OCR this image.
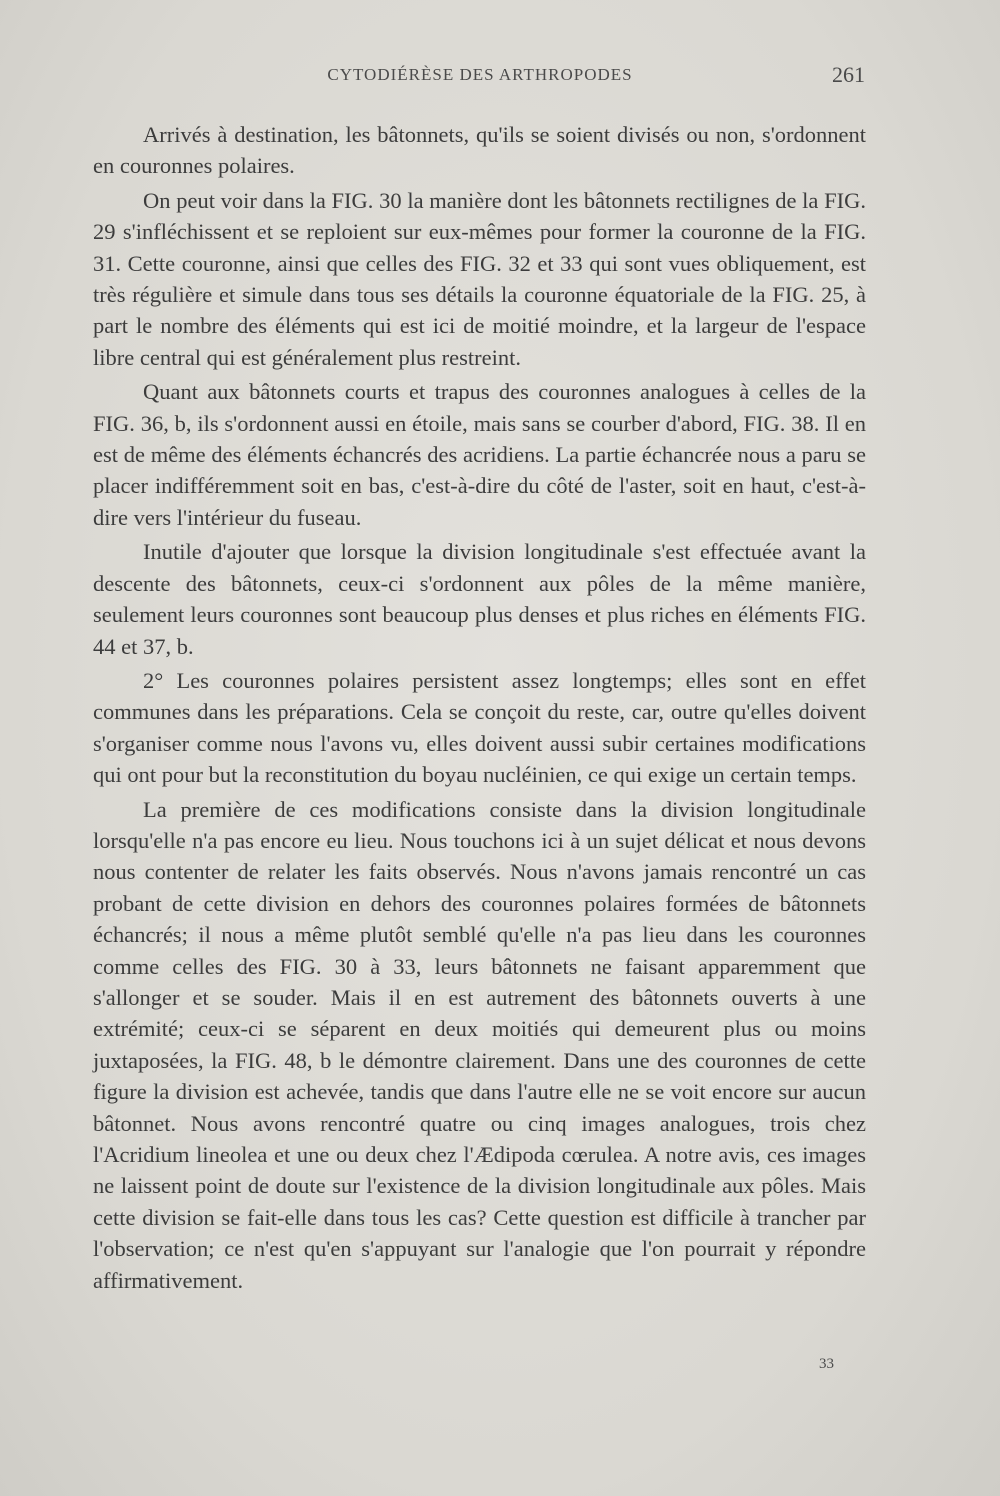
CYTODIÉRÈSE DES ARTHROPODES	261

Arrivés à destination, les bâtonnets, qu'ils se soient divisés ou non, s'ordonnent en couronnes polaires.

On peut voir dans la FIG. 30 la manière dont les bâtonnets rectilignes de la FIG. 29 s'infléchissent et se reploient sur eux-mêmes pour former la couronne de la FIG. 31. Cette couronne, ainsi que celles des FIG. 32 et 33 qui sont vues obliquement, est très régulière et simule dans tous ses détails la couronne équatoriale de la FIG. 25, à part le nombre des éléments qui est ici de moitié moindre, et la largeur de l'espace libre central qui est généralement plus restreint.

Quant aux bâtonnets courts et trapus des couronnes analogues à celles de la FIG. 36, b, ils s'ordonnent aussi en étoile, mais sans se courber d'abord, FIG. 38. Il en est de même des éléments échancrés des acridiens. La partie échancrée nous a paru se placer indifféremment soit en bas, c'est-à-dire du côté de l'aster, soit en haut, c'est-à-dire vers l'intérieur du fuseau.

Inutile d'ajouter que lorsque la division longitudinale s'est effectuée avant la descente des bâtonnets, ceux-ci s'ordonnent aux pôles de la même manière, seulement leurs couronnes sont beaucoup plus denses et plus riches en éléments FIG. 44 et 37, b.

2° Les couronnes polaires persistent assez longtemps; elles sont en effet communes dans les préparations. Cela se conçoit du reste, car, outre qu'elles doivent s'organiser comme nous l'avons vu, elles doivent aussi subir certaines modifications qui ont pour but la reconstitution du boyau nucléinien, ce qui exige un certain temps.

La première de ces modifications consiste dans la division longitudinale lorsqu'elle n'a pas encore eu lieu. Nous touchons ici à un sujet délicat et nous devons nous contenter de relater les faits observés. Nous n'avons jamais rencontré un cas probant de cette division en dehors des couronnes polaires formées de bâtonnets échancrés; il nous a même plutôt semblé qu'elle n'a pas lieu dans les couronnes comme celles des FIG. 30 à 33, leurs bâtonnets ne faisant apparemment que s'allonger et se souder. Mais il en est autrement des bâtonnets ouverts à une extrémité; ceux-ci se séparent en deux moitiés qui demeurent plus ou moins juxtaposées, la FIG. 48, b le démontre clairement. Dans une des couronnes de cette figure la division est achevée, tandis que dans l'autre elle ne se voit encore sur aucun bâtonnet. Nous avons rencontré quatre ou cinq images analogues, trois chez l'Acridium lineolea et une ou deux chez l'Ædipoda cœrulea. A notre avis, ces images ne laissent point de doute sur l'existence de la division longitudinale aux pôles. Mais cette division se fait-elle dans tous les cas? Cette question est difficile à trancher par l'observation; ce n'est qu'en s'appuyant sur l'analogie que l'on pourrait y répondre affirmativement.

33
